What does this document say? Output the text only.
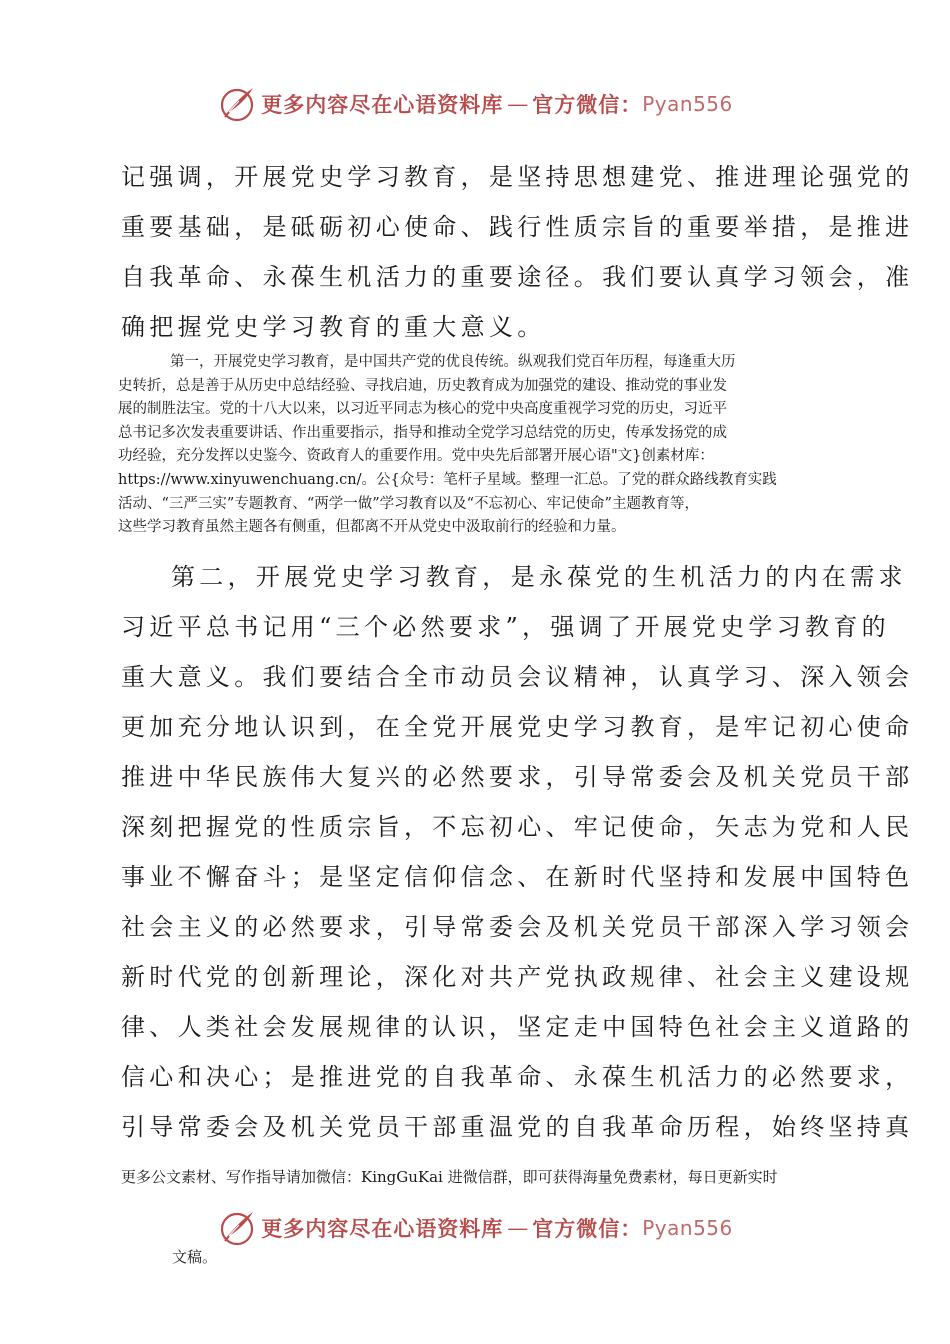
更多内容尽在心语资料库 — 官方微信： Pyan556
记强调，开展党史学习教育，是坚持思想建党、推进理论强党的
重要基础，是砥砺初心使命、践行性质宗旨的重要举措，是推进
自我革命、永葆生机活力的重要途径。我们要认真学习领会，准
确把握党史学习教育的重大意义。
第一，开展党史学习教育，是中国共产党的优良传统。纵观我们党百年历程，每逢重大历
史转折，总是善于从历史中总结经验、寻找启迪，历史教育成为加强党的建设、推动党的事业发
展的制胜法宝。党的十八大以来，以习近平同志为核心的党中央高度重视学习党的历史，习近平
总书记多次发表重要讲话、作出重要指示，指导和推动全党学习总结党的历史，传承发扬党的成
功经验，充分发挥以史鉴今、资政育人的重要作用。党中央先后部署开展心语"文}创素材库：
https://www.xinyuwenchuang.cn/。公{众号：笔杆子星域。整理一汇总。了党的群众路线教育实践
活动、“三严三实”专题教育、“两学一做”学习教育以及“不忘初心、牢记使命”主题教育等，
这些学习教育虽然主题各有侧重，但都离不开从党史中汲取前行的经验和力量。
第二，开展党史学习教育，是永葆党的生机活力的内在需求
习近平总书记用“三个必然要求”，强调了开展党史学习教育的
重大意义。我们要结合全市动员会议精神，认真学习、深入领会
更加充分地认识到，在全党开展党史学习教育，是牢记初心使命
推进中华民族伟大复兴的必然要求，引导常委会及机关党员干部
深刻把握党的性质宗旨，不忘初心、牢记使命，矢志为党和人民
事业不懈奋斗；是坚定信仰信念、在新时代坚持和发展中国特色
社会主义的必然要求，引导常委会及机关党员干部深入学习领会
新时代党的创新理论，深化对共产党执政规律、社会主义建设规
律、人类社会发展规律的认识，坚定走中国特色社会主义道路的
信心和决心；是推进党的自我革命、永葆生机活力的必然要求，
引导常委会及机关党员干部重温党的自我革命历程，始终坚持真

更多公文素材、写作指导请加微信：KingGuKai 进微信群，即可获得海量免费素材，每日更新实时

更多内容尽在心语资料库 — 官方微信： Pyan556

文稿。
